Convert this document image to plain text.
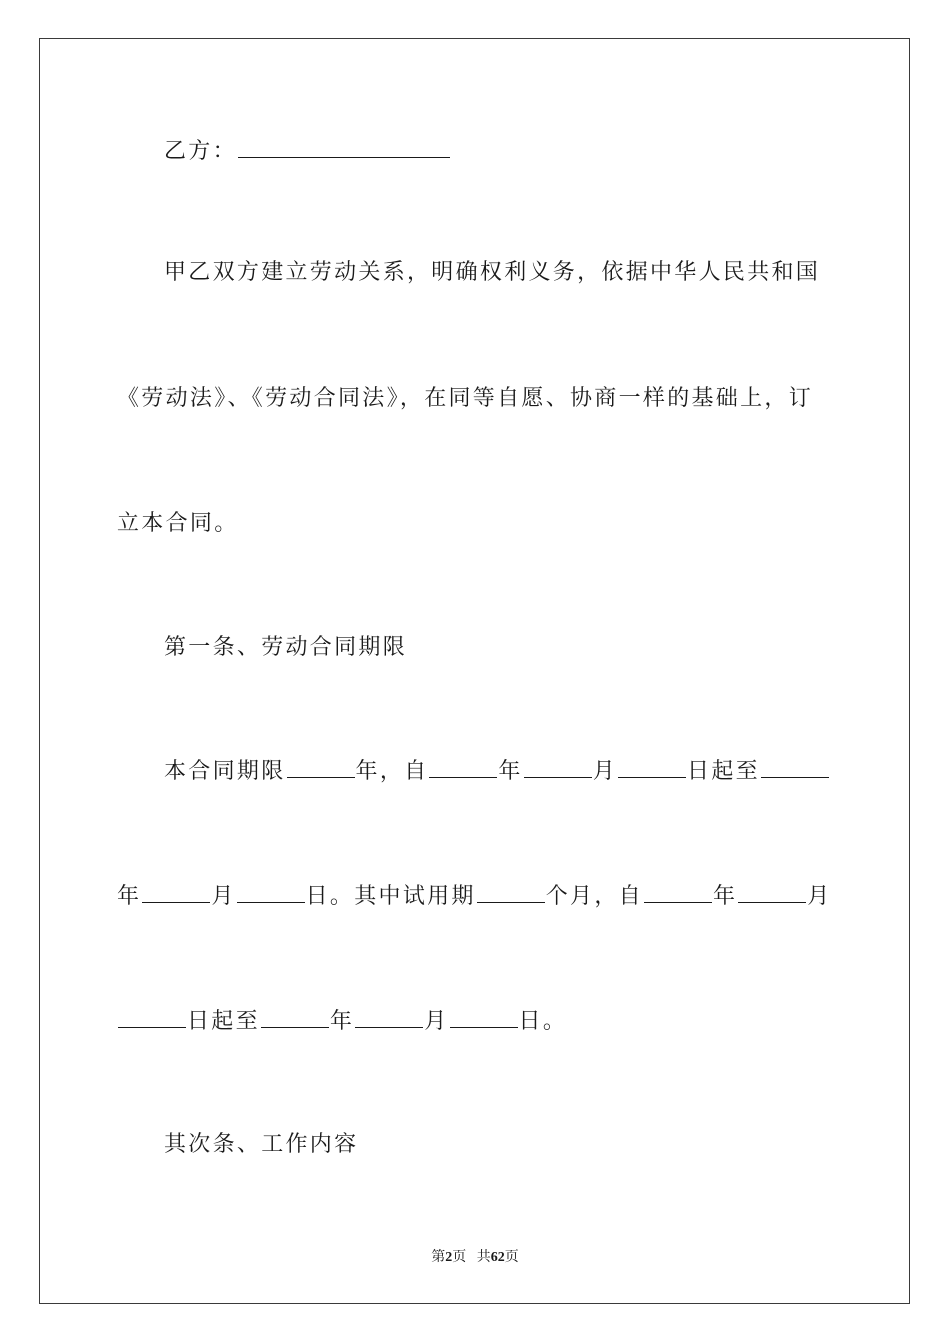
乙方：
甲乙双方建立劳动关系，明确权利义务，依据中华人民共和国
《劳动法》、《劳动合同法》，在同等自愿、协商一样的基础上，订
立本合同。
第一条、劳动合同期限
本合同期限	年，自	年	月	日起至
年	月	日。其中试用期	个月，自	年	月
日起至	年	月	日。
其次条、工作内容
第2页 共62页
